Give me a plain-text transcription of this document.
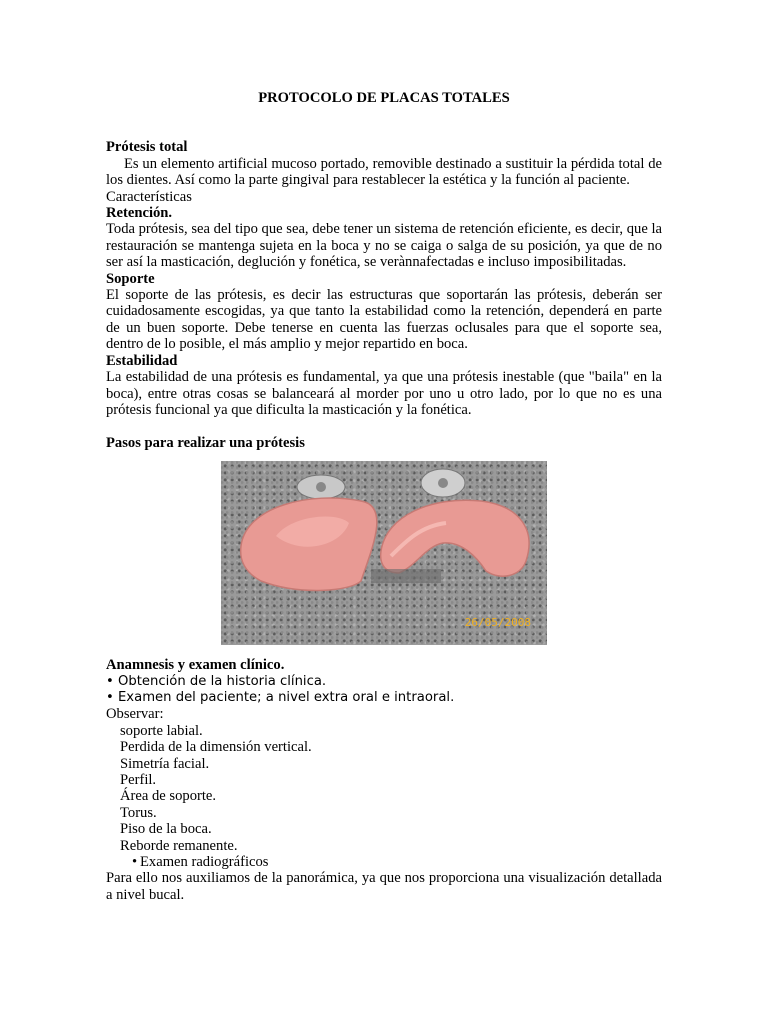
PROTOCOLO DE PLACAS TOTALES
Prótesis total

Es un elemento artificial mucoso portado, removible destinado a sustituir la pérdida total de los dientes. Así como la parte gingival para restablecer la estética y la función al paciente.

Características

Retención.

Toda prótesis, sea del tipo que sea, debe tener un sistema de retención eficiente, es decir, que la restauración se mantenga sujeta en la boca y no se caiga o salga de su posición, ya que de no ser así la masticación, deglución y fonética, se verànnafectadas e incluso imposibilitadas.

Soporte

El soporte de las prótesis, es decir las estructuras que soportarán las prótesis, deberán ser cuidadosamente escogidas, ya que tanto la estabilidad como la retención, dependerá en parte de un buen soporte. Debe tenerse en cuenta las fuerzas oclusales para que el soporte sea, dentro de lo posible, el más amplio y mejor repartido en boca.

Estabilidad

La estabilidad de una prótesis es fundamental, ya que una prótesis inestable (que "baila" en la boca), entre otras cosas se balanceará al morder por uno u otro lado, por lo que no es una prótesis funcional ya que dificulta la masticación y la fonética.

Pasos para realizar una prótesis
26/05/2008
Anamnesis y examen clínico.
• Obtención de la historia clínica.
• Examen del paciente; a nivel extra oral e intraoral.
Observar:
soporte labial.
Perdida de la dimensión vertical.
Simetría facial.
Perfil.
Área de soporte.
Torus.
Piso de la boca.
Reborde remanente.
• Examen radiográficos

Para ello nos auxiliamos de la panorámica, ya que nos proporciona una visualización detallada a nivel bucal.
